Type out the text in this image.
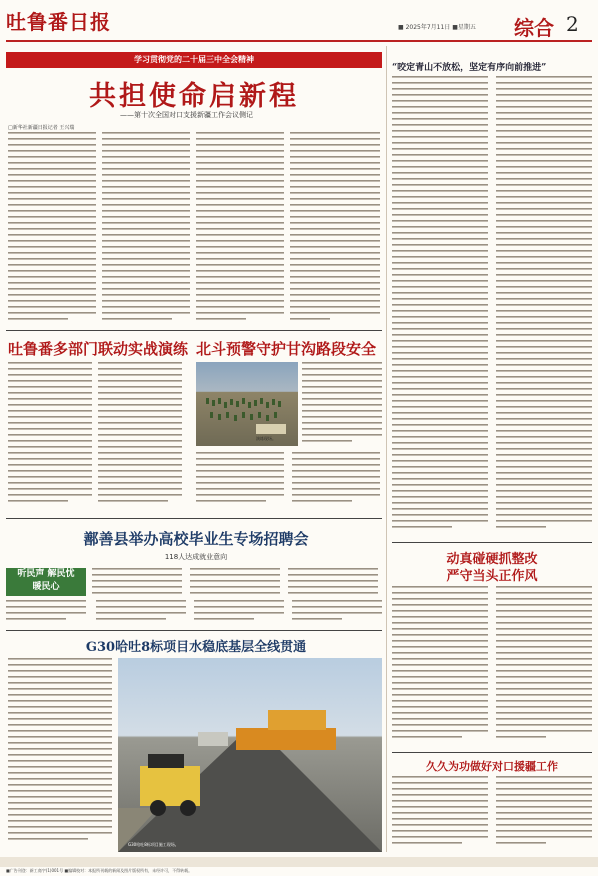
吐鲁番日报	■ 2025年7月11日 ■星期五 综合 2
学习贯彻党的二十届三中全会精神
共担使命启新程
——第十次全国对口支援新疆工作会议侧记
□新华社新疆日报记者 王兴瑞
“咬定青山不放松，坚定有序向前推进”
吐鲁番多部门联动实战演练 北斗预警守护甘沟路段安全
演练现场。
鄯善县举办高校毕业生专场招聘会
118人达成就业意向
听民声 解民忧
暖民心
G30哈吐8标项目水稳底基层全线贯通
G30哈吐8标项目施工现场。
动真碰硬抓整改
严守当头正作风
久久为功做好对口援疆工作
■广告刊登：新工商字(1)001号 ■编辑校对：本报所刊载的新闻及图片版权所有，未经许可，不得转载。
